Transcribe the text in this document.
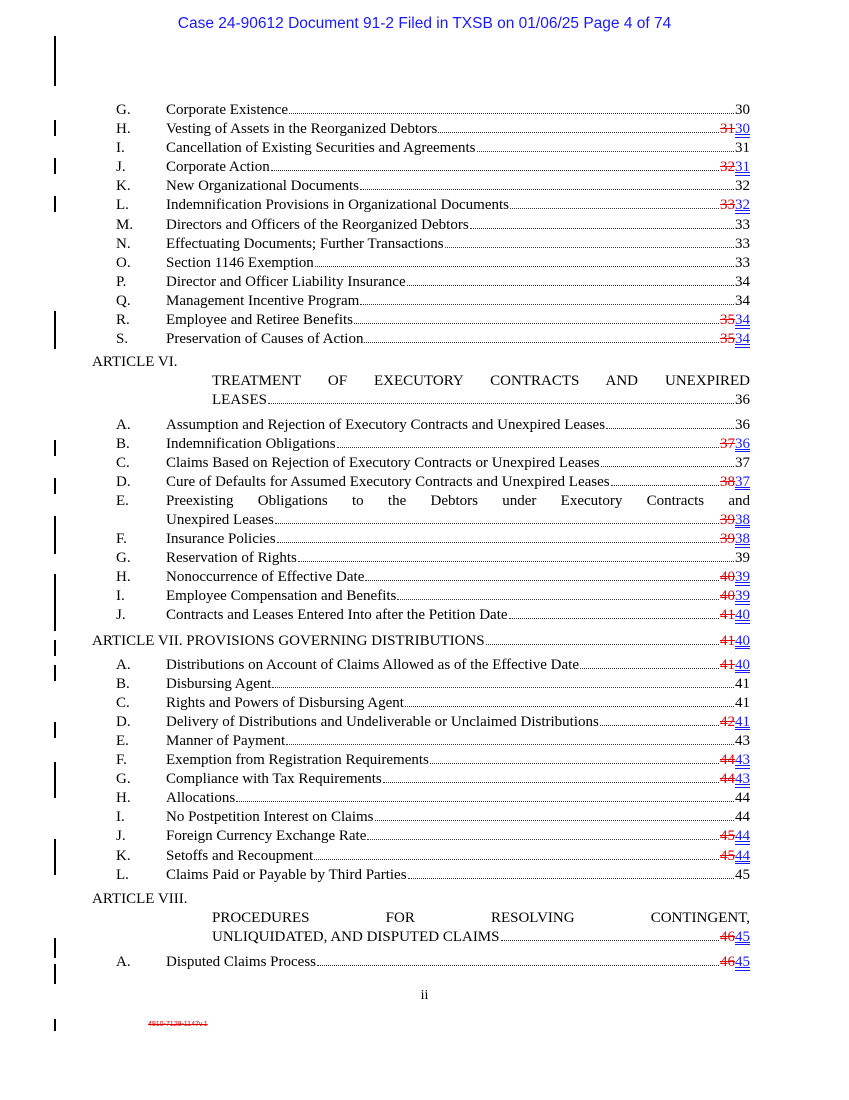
Case 24-90612 Document 91-2 Filed in TXSB on 01/06/25 Page 4 of 74
G.	Corporate Existence	30
H.	Vesting of Assets in the Reorganized Debtors	3130
I.	Cancellation of Existing Securities and Agreements	31
J.	Corporate Action	3231
K.	New Organizational Documents	32
L.	Indemnification Provisions in Organizational Documents	3332
M.	Directors and Officers of the Reorganized Debtors	33
N.	Effectuating Documents; Further Transactions	33
O.	Section 1146 Exemption	33
P.	Director and Officer Liability Insurance	34
Q.	Management Incentive Program	34
R.	Employee and Retiree Benefits	3534
S.	Preservation of Causes of Action	3534
ARTICLE VI.
TREATMENT OF EXECUTORY CONTRACTS AND UNEXPIRED
LEASES	36
A.	Assumption and Rejection of Executory Contracts and Unexpired Leases	36
B.	Indemnification Obligations	3736
C.	Claims Based on Rejection of Executory Contracts or Unexpired Leases	37
D.	Cure of Defaults for Assumed Executory Contracts and Unexpired Leases	3837
E.	Preexisting Obligations to the Debtors under Executory Contracts and
Unexpired Leases	3938
F.	Insurance Policies	3938
G.	Reservation of Rights	39
H.	Nonoccurrence of Effective Date	4039
I.	Employee Compensation and Benefits	4039
J.	Contracts and Leases Entered Into after the Petition Date	4140
ARTICLE VII. PROVISIONS GOVERNING DISTRIBUTIONS	4140
A.	Distributions on Account of Claims Allowed as of the Effective Date	4140
B.	Disbursing Agent	41
C.	Rights and Powers of Disbursing Agent	41
D.	Delivery of Distributions and Undeliverable or Unclaimed Distributions	4241
E.	Manner of Payment	43
F.	Exemption from Registration Requirements	4443
G.	Compliance with Tax Requirements	4443
H.	Allocations	44
I.	No Postpetition Interest on Claims	44
J.	Foreign Currency Exchange Rate	4544
K.	Setoffs and Recoupment	4544
L.	Claims Paid or Payable by Third Parties	45
ARTICLE VIII.
PROCEDURES FOR RESOLVING CONTINGENT,
UNLIQUIDATED, AND DISPUTED CLAIMS	4645
A.	Disputed Claims Process	4645
ii
4910-7129-1147v.1
